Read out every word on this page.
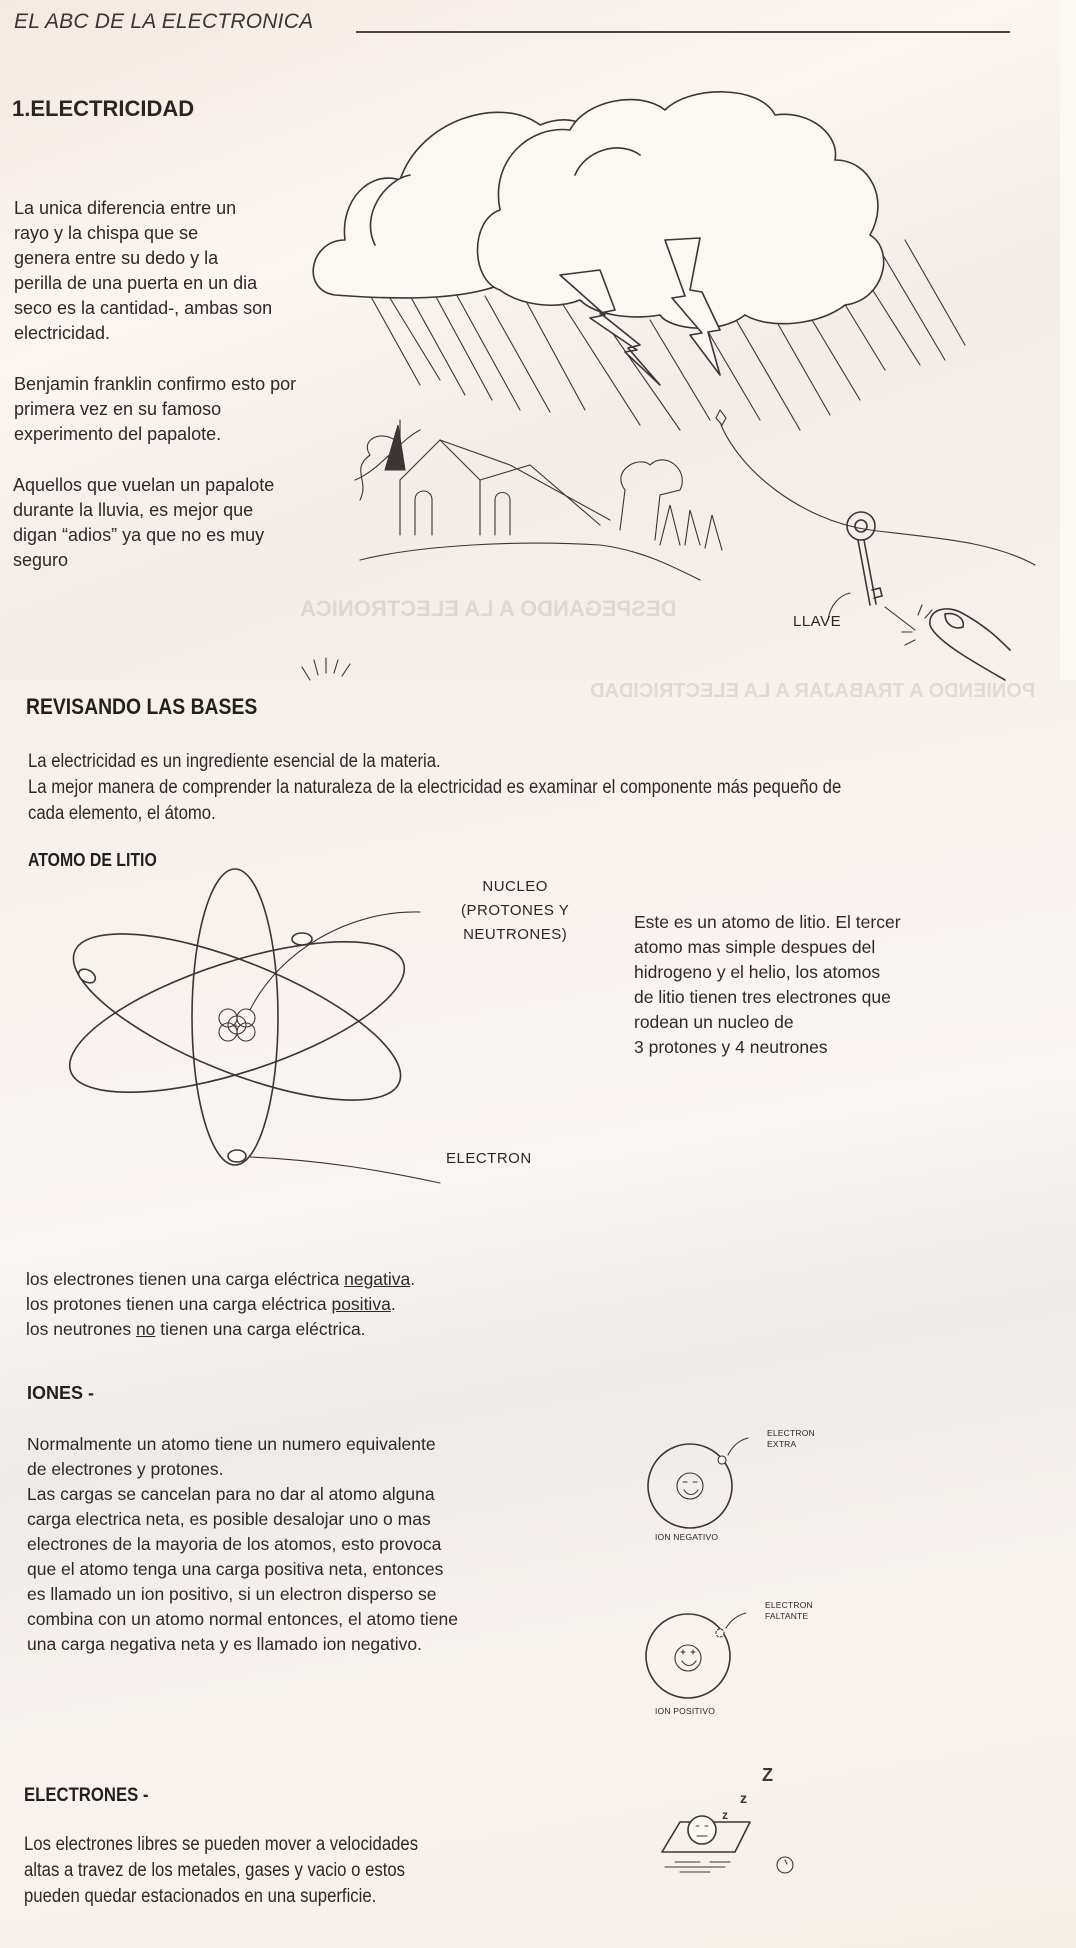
DESPEGANDO A LA ELECTRONICA
PONIENDO A TRABAJAR A LA ELECTRICIDAD
EL ABC DE LA ELECTRONICA
1.ELECTRICIDAD
La unica diferencia entre un
rayo y la chispa que se
genera entre su dedo y la
perilla de una puerta en un dia
seco es la cantidad-, ambas son
electricidad.
Benjamin franklin confirmo esto por
primera vez en su famoso
experimento del papalote.
Aquellos que vuelan un papalote
durante la lluvia, es mejor que
digan “adios” ya que no es muy
seguro
LLAVE
REVISANDO LAS BASES
La electricidad es un ingrediente esencial de la materia.
La mejor manera de comprender la naturaleza de la electricidad es examinar el componente más pequeño de
cada elemento, el átomo.
ATOMO DE LITIO
+
NUCLEO
(PROTONES Y
NEUTRONES)
ELECTRON
Este es un atomo de litio. El tercer
atomo mas simple despues del
hidrogeno y el helio, los atomos
de litio tienen tres electrones que
rodean un nucleo de
3 protones y 4 neutrones
los electrones tienen una carga eléctrica negativa.
los protones tienen una carga eléctrica positiva.
los neutrones no tienen una carga eléctrica.
IONES -
Normalmente un atomo tiene un numero equivalente
de electrones y protones.
Las cargas se cancelan para no dar al atomo alguna
carga electrica neta, es posible desalojar uno o mas
electrones de la mayoria de los atomos, esto provoca
que el atomo tenga una carga positiva neta, entonces
es llamado un ion positivo, si un electron disperso se
combina con un atomo normal entonces, el atomo tiene
una carga negativa neta y es llamado ion negativo.
ELECTRON
EXTRA
ION NEGATIVO
ELECTRON
FALTANTE
ION POSITIVO
ELECTRONES -
Los electrones libres se pueden mover a velocidades
altas a travez de los metales, gases y vacio o estos
pueden quedar estacionados en una superficie.
z
z
Z
